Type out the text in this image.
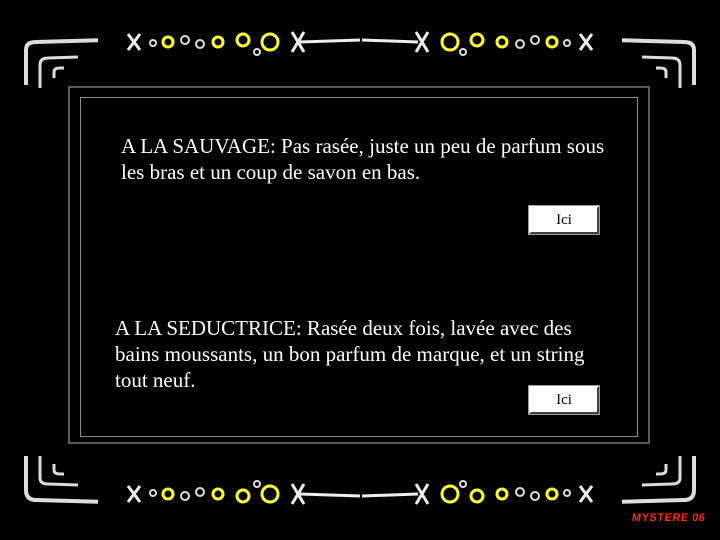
A LA SAUVAGE: Pas rasée, juste un peu de parfum sous les bras et un coup de savon en bas.

Ici

A LA SEDUCTRICE: Rasée deux fois, lavée avec des bains moussants, un bon parfum de marque, et un string tout neuf.

Ici
MYSTERE 06
